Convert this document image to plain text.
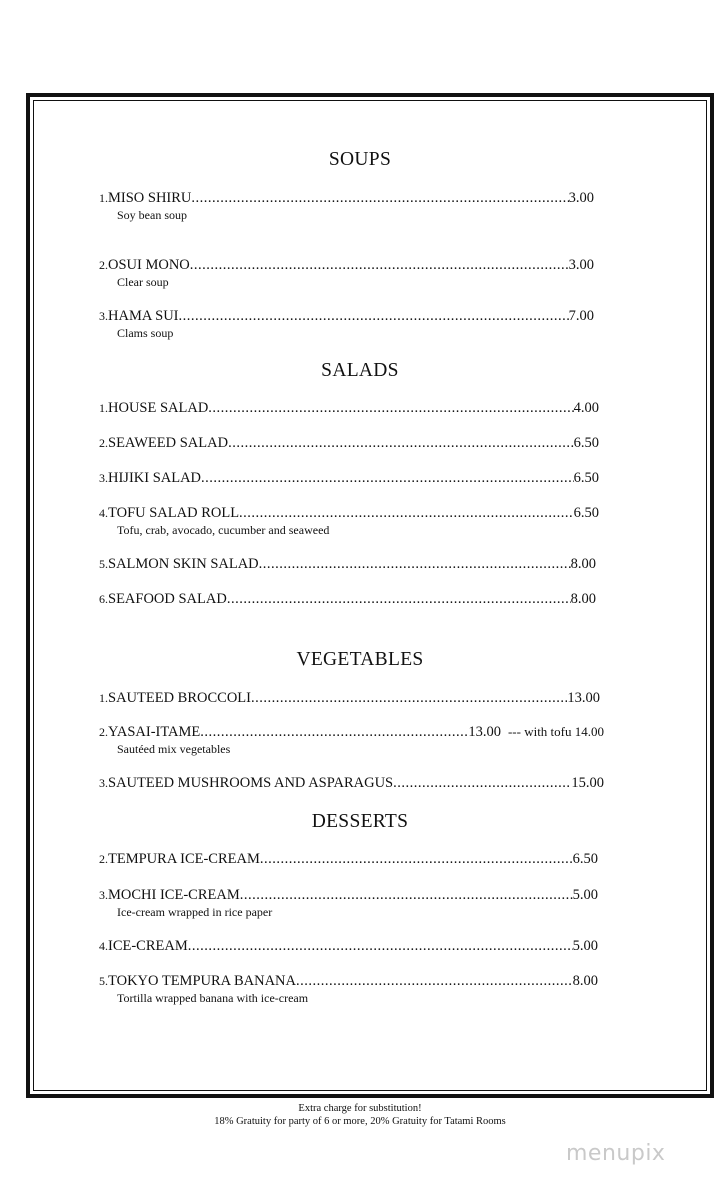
SOUPS
1. MISO SHIRU .....	3.00
Soy bean soup
2. OSUI MONO .....	3.00
Clear soup
3. HAMA SUI .....	7.00
Clams soup
SALADS
1. HOUSE SALAD .....	4.00
2. SEAWEED SALAD .....	6.50
3. HIJIKI SALAD .....	6.50
4. TOFU SALAD ROLL .....	6.50
Tofu, crab, avocado, cucumber and seaweed
5. SALMON SKIN SALAD .....	8.00
6. SEAFOOD SALAD .....	8.00
VEGETABLES
1. SAUTEED BROCCOLI .....	13.00
2. YASAI-ITAME .....	13.00 --- with tofu 14.00
Sautéed mix vegetables
3. SAUTEED MUSHROOMS AND ASPARAGUS .....	15.00
DESSERTS
2. TEMPURA ICE-CREAM .....	6.50
3. MOCHI ICE-CREAM .....	5.00
Ice-cream wrapped in rice paper
4. ICE-CREAM .....	5.00
5. TOKYO TEMPURA BANANA .....	8.00
Tortilla wrapped banana with ice-cream
Extra charge for substitution!
18% Gratuity for party of 6 or more, 20% Gratuity for Tatami Rooms
menupix
